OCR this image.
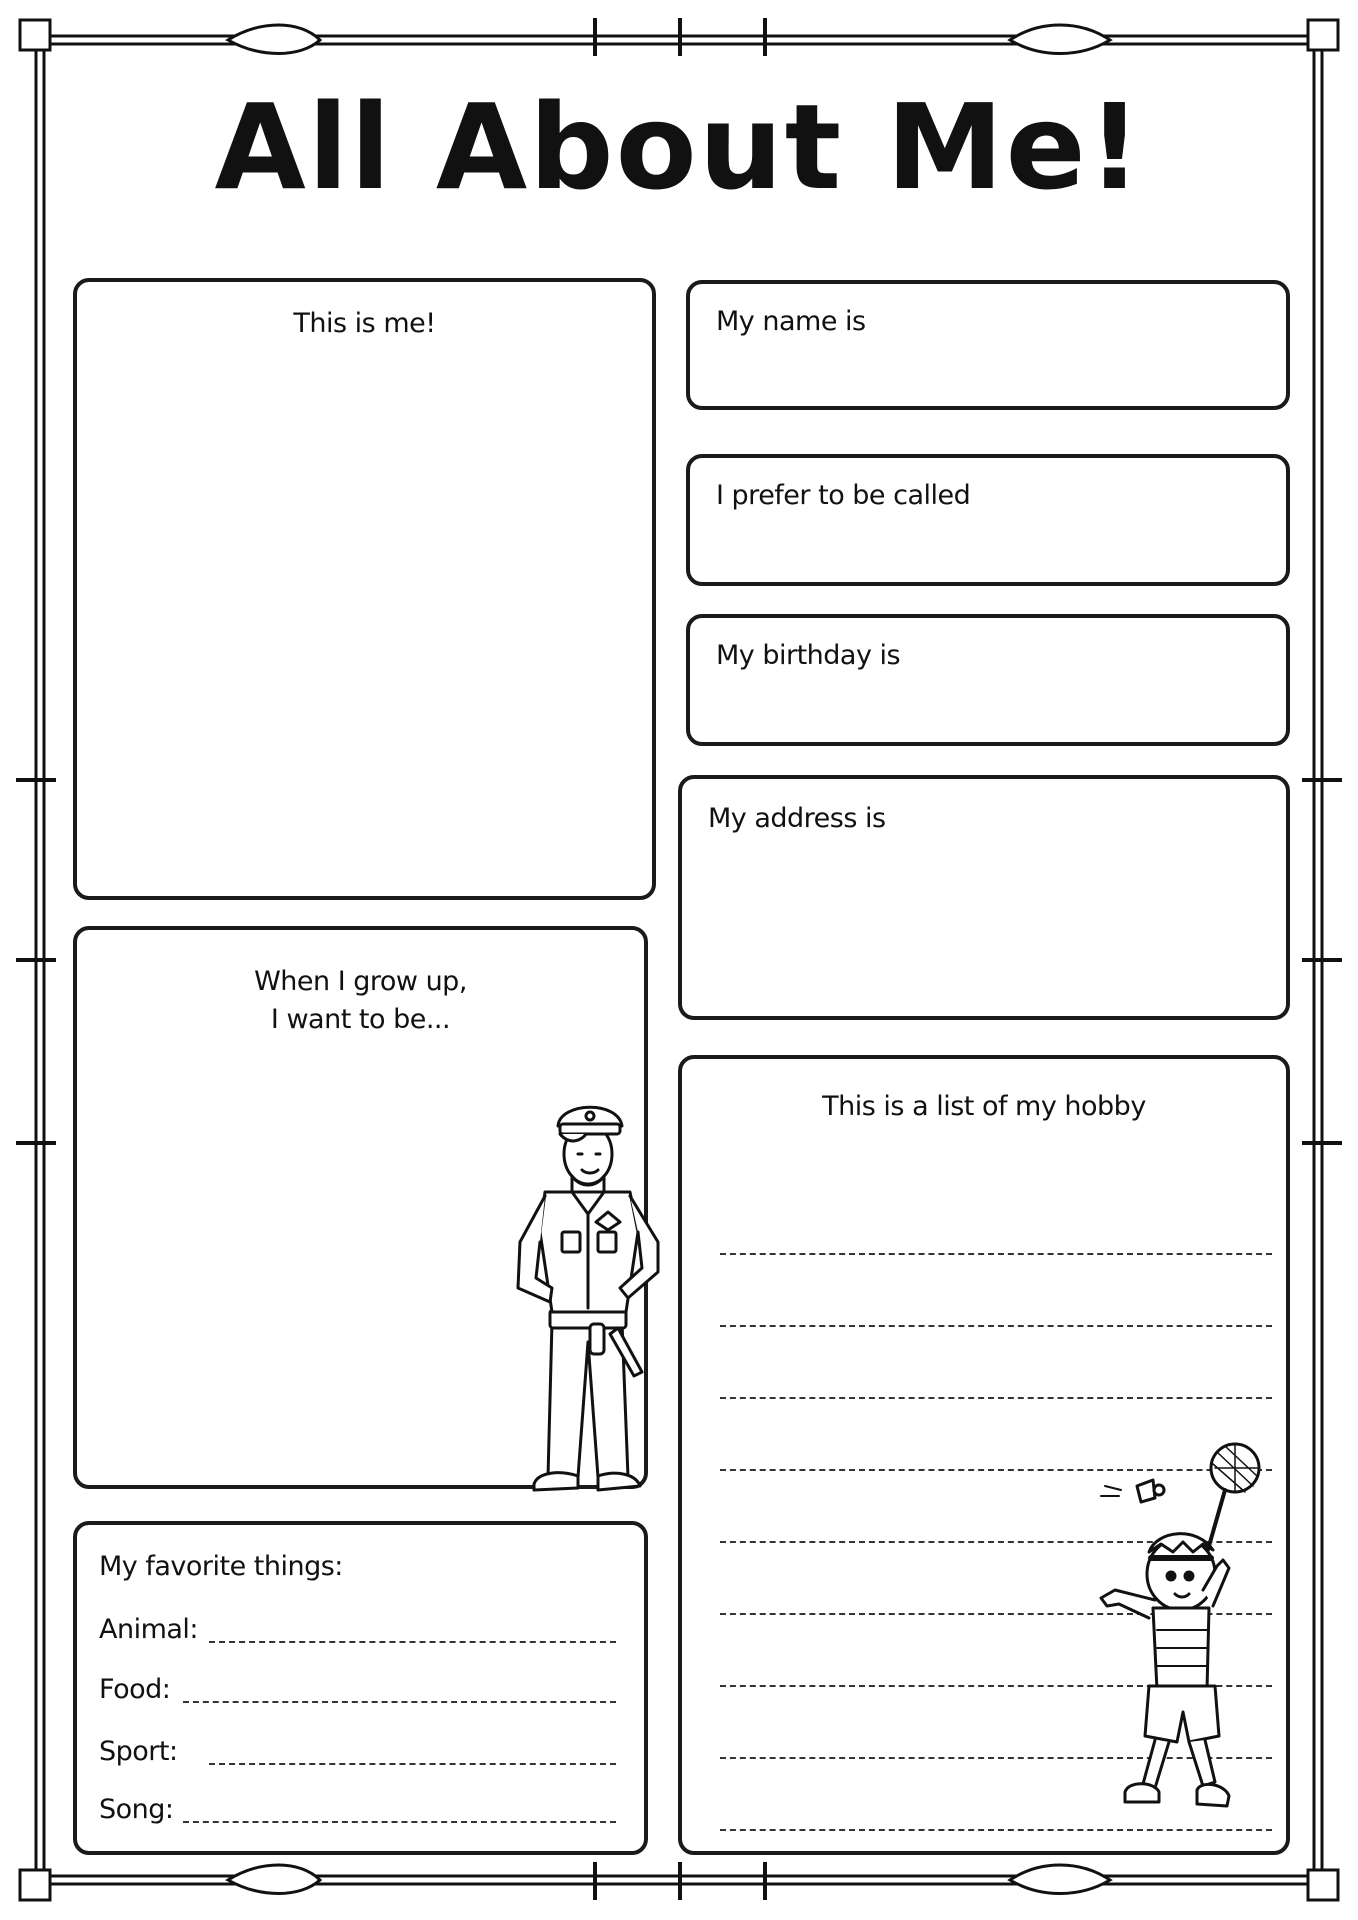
All About Me!
This is me!	My name is
I prefer to be called
My birthday is
My address is
When I grow up,
I want to be...
This is a list of my hobby
My favorite things:
Animal:
Food:
Sport:
Song:
